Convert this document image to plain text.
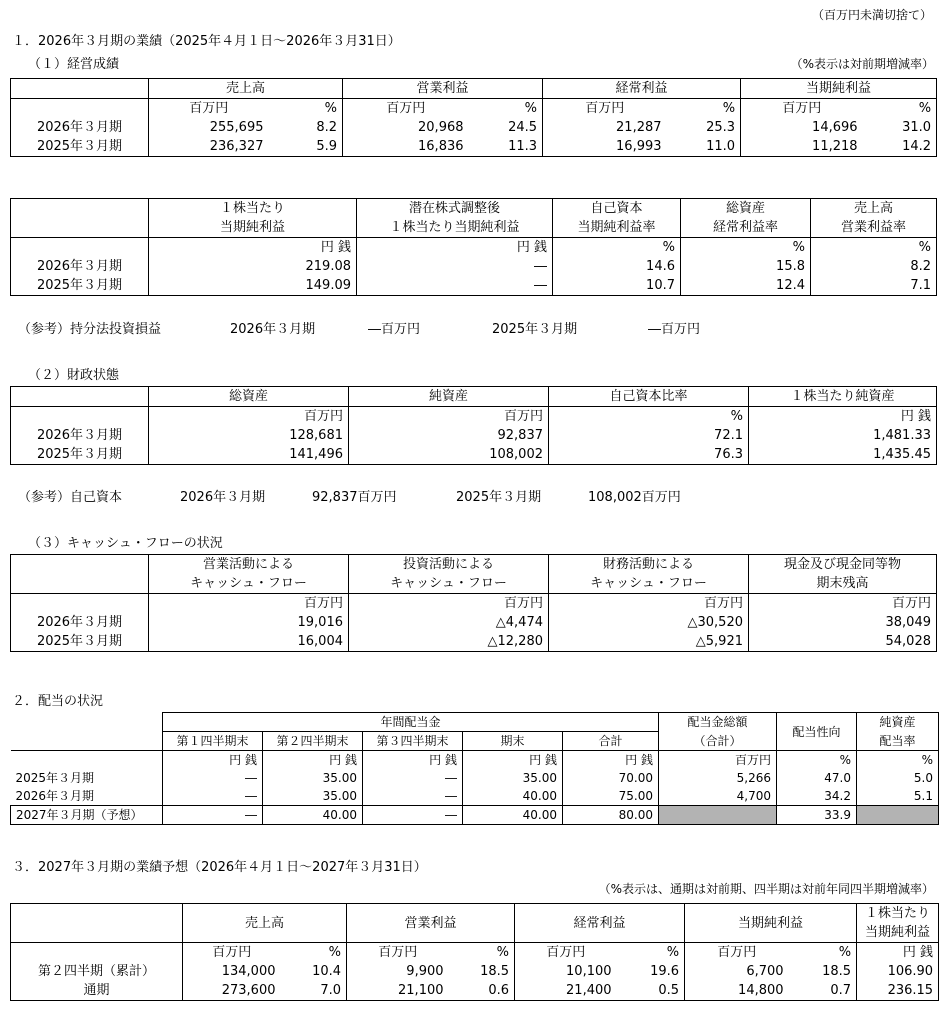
（百万円未満切捨て）
１．2026年３月期の業績（2025年４月１日～2026年３月31日）
（１）経営成績	（%表示は対前期増減率）
	売上高		営業利益		経常利益		当期純利益	
	百万円	%	百万円	%	百万円	%	百万円	%
2026年３月期	255,695	8.2	20,968	24.5	21,287	25.3	14,696	31.0
2025年３月期	236,327	5.9	16,836	11.3	16,993	11.0	11,218	14.2
	１株当たり	潜在株式調整後	自己資本	総資産	売上高
	当期純利益	１株当たり当期純利益	当期純利益率	経常利益率	営業利益率
	円 銭	円 銭	%	%	%
2026年３月期	219.08	―	14.6	15.8	8.2
2025年３月期	149.09	―	10.7	12.4	7.1
（参考）持分法投資損益	2026年３月期	―百万円	2025年３月期	―百万円
（２）財政状態
	総資産	純資産	自己資本比率	１株当たり純資産
	百万円	百万円	%	円 銭
2026年３月期	128,681	92,837	72.1	1,481.33
2025年３月期	141,496	108,002	76.3	1,435.45
（参考）自己資本	2026年３月期	92,837百万円	2025年３月期	108,002百万円
（３）キャッシュ・フローの状況
	営業活動による	投資活動による	財務活動による	現金及び現金同等物
	キャッシュ・フロー	キャッシュ・フロー	キャッシュ・フロー	期末残高
	百万円	百万円	百万円	百万円
2026年３月期	19,016	△4,474	△30,520	38,049
2025年３月期	16,004	△12,280	△5,921	54,028
２．配当の状況
	年間配当金					配当金総額	配当性向	純資産
	第１四半期末	第２四半期末	第３四半期末	期末	合計	（合計）		配当率
	円 銭	円 銭	円 銭	円 銭	円 銭	百万円	%	%
2025年３月期	―	35.00	―	35.00	70.00	5,266	47.0	5.0
2026年３月期	―	35.00	―	40.00	75.00	4,700	34.2	5.1
2027年３月期（予想）	―	40.00	―	40.00	80.00		33.9	
３．2027年３月期の業績予想（2026年４月１日～2027年３月31日）
（%表示は、通期は対前期、四半期は対前年同四半期増減率）
	売上高		営業利益		経常利益		当期純利益		１株当たり
									当期純利益
	百万円	%	百万円	%	百万円	%	百万円	%	円 銭
第２四半期（累計）	134,000	10.4	9,900	18.5	10,100	19.6	6,700	18.5	106.90
通期	273,600	7.0	21,100	0.6	21,400	0.5	14,800	0.7	236.15
